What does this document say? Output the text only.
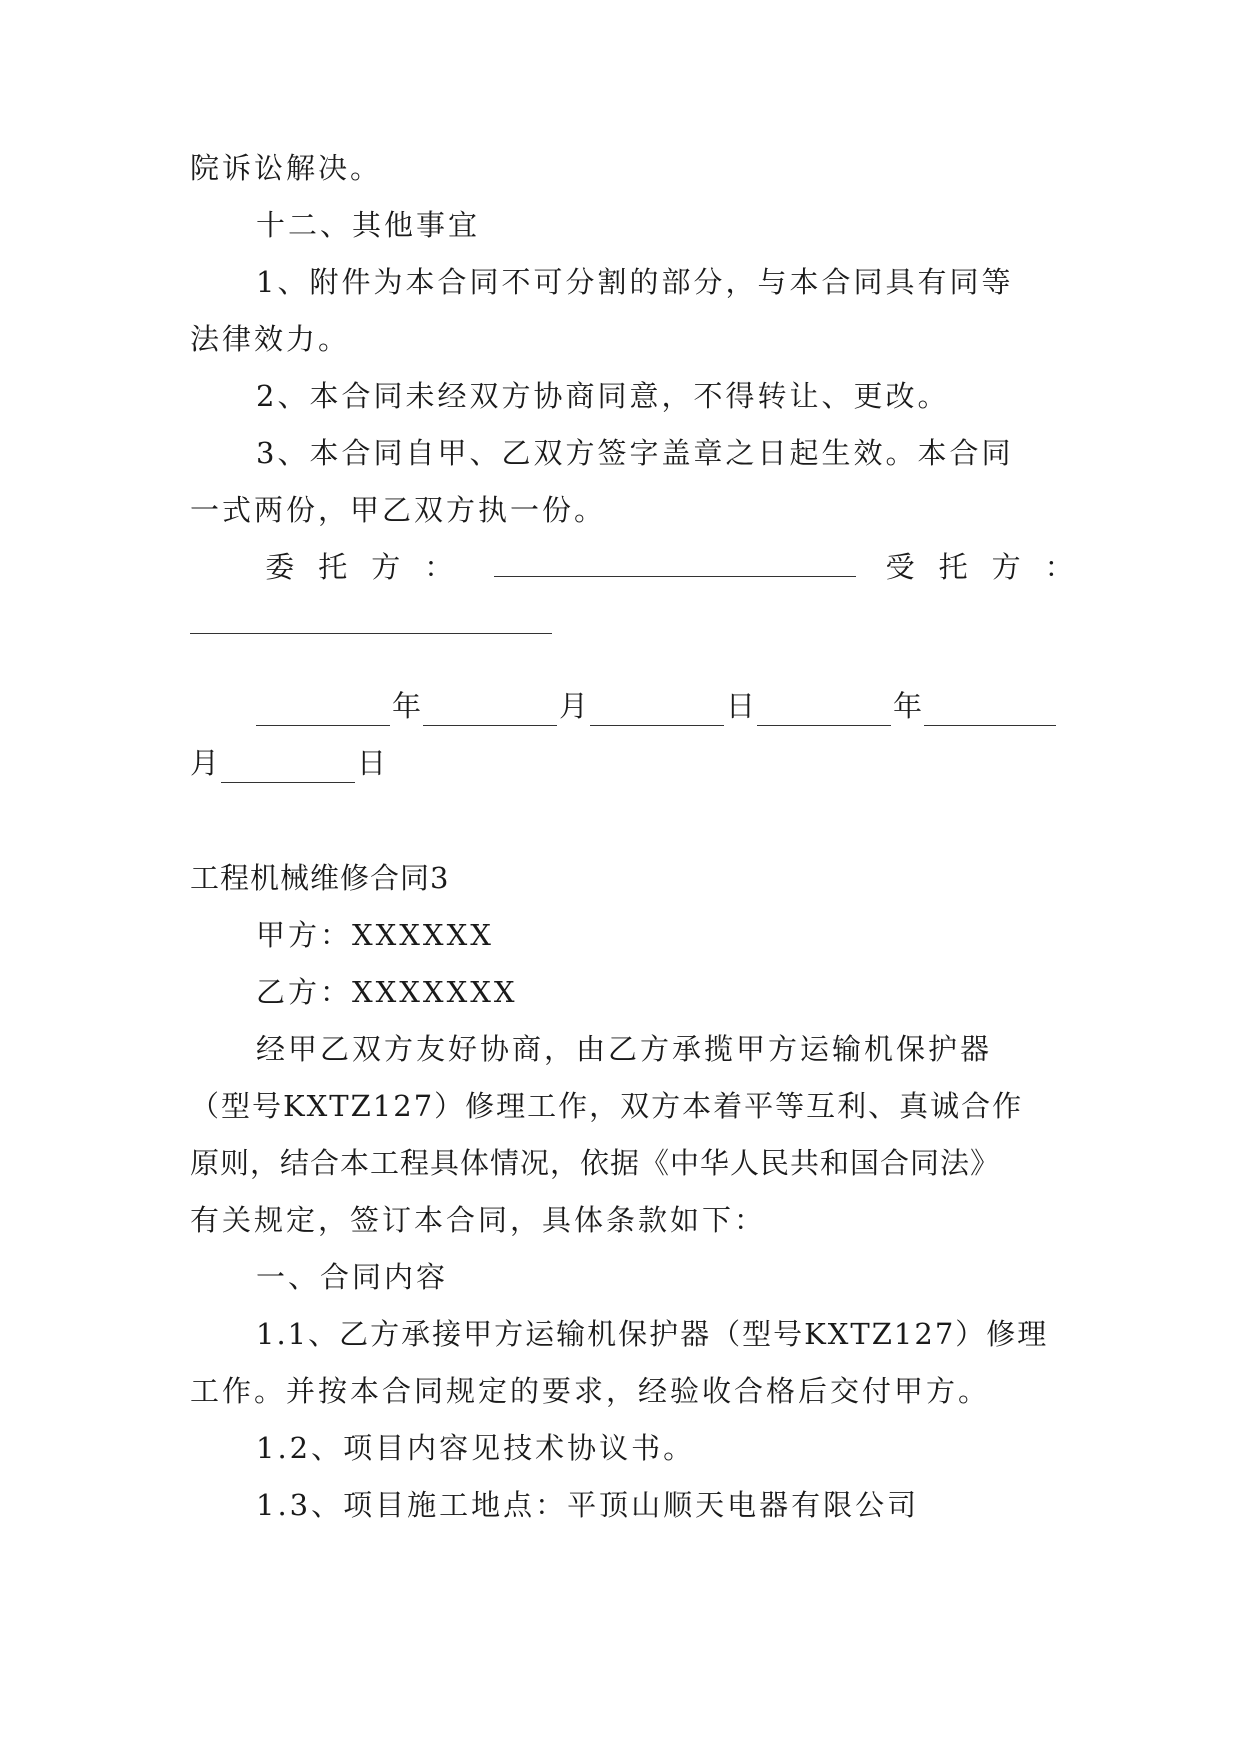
院诉讼解决。
十二、其他事宜
1、附件为本合同不可分割的部分，与本合同具有同等
法律效力。
2、本合同未经双方协商同意，不得转让、更改。
3、本合同自甲、乙双方签字盖章之日起生效。本合同
一式两份，甲乙双方执一份。
委托方：	受托方：
年	月	日	年
月	日
工程机械维修合同3
甲方：XXXXXX
乙方：XXXXXXX
经甲乙双方友好协商，由乙方承揽甲方运输机保护器
（型号KXTZ127）修理工作，双方本着平等互利、真诚合作
原则，结合本工程具体情况，依据《中华人民共和国合同法》
有关规定，签订本合同，具体条款如下：
一、合同内容
1.1、乙方承接甲方运输机保护器（型号KXTZ127）修理
工作。并按本合同规定的要求，经验收合格后交付甲方。
1.2、项目内容见技术协议书。
1.3、项目施工地点：平顶山顺天电器有限公司
